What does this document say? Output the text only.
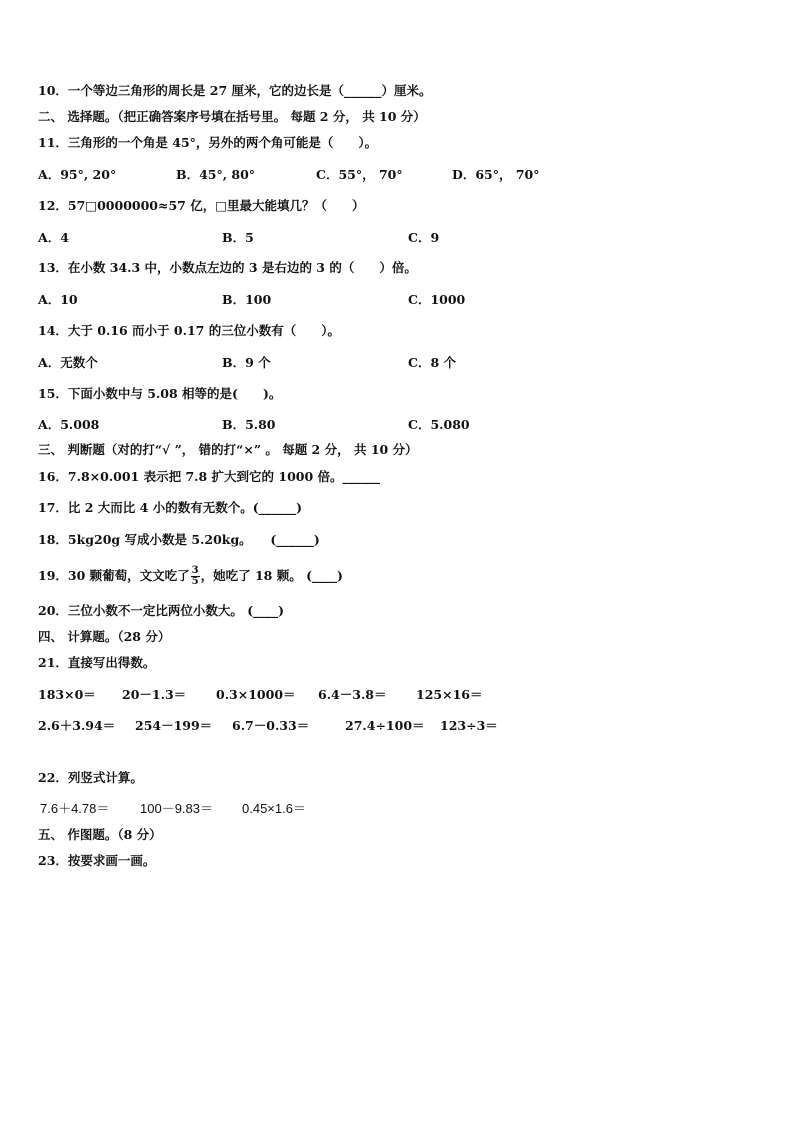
10．一个等边三角形的周长是 27 厘米，它的边长是（______）厘米。
二、 选择题。（把正确答案序号填在括号里。 每题 2 分， 共 10 分）
11．三角形的一个角是 45°，另外的两个角可能是（　　）。
A．95°, 20°	B．45°, 80°	C．55°， 70°	D．65°， 70°
12．57□0000000≈57 亿，□里最大能填几？（　　）
A．4	B．5	C．9
13．在小数 34.3 中，小数点左边的 3 是右边的 3 的（　　）倍。
A．10	B．100	C．1000
14．大于 0.16 而小于 0.17 的三位小数有（　　）。
A．无数个	B．9 个	C．8 个
15．下面小数中与 5.08 相等的是(　　)。
A．5.008	B．5.80	C．5.080
三、 判断题（对的打“√ ”， 错的打“×” 。 每题 2 分， 共 10 分）
16．7.8×0.001 表示把 7.8 扩大到它的 1000 倍。______
17．比 2 大而比 4 小的数有无数个。(______)
18．5kg20g 写成小数是 5.20kg。　　(______)
19．30 颗葡萄，文文吃了 $\frac{3}{5}$ ，她吃了 18 颗。 (____)
20．三位小数不一定比两位小数大。 (____)
四、 计算题。（28 分）
21．直接写出得数。
183×0＝ 20－1.3＝ 0.3×1000＝ 6.4－3.8＝ 125×16＝
2.6＋3.94＝ 254－199＝ 6.7－0.33＝	27.4÷100＝ 123÷3＝
22．列竖式计算。
7.6＋4.78＝ 100－9.83＝ 0.45×1.6＝
五、 作图题。（8 分）
23．按要求画一画。
